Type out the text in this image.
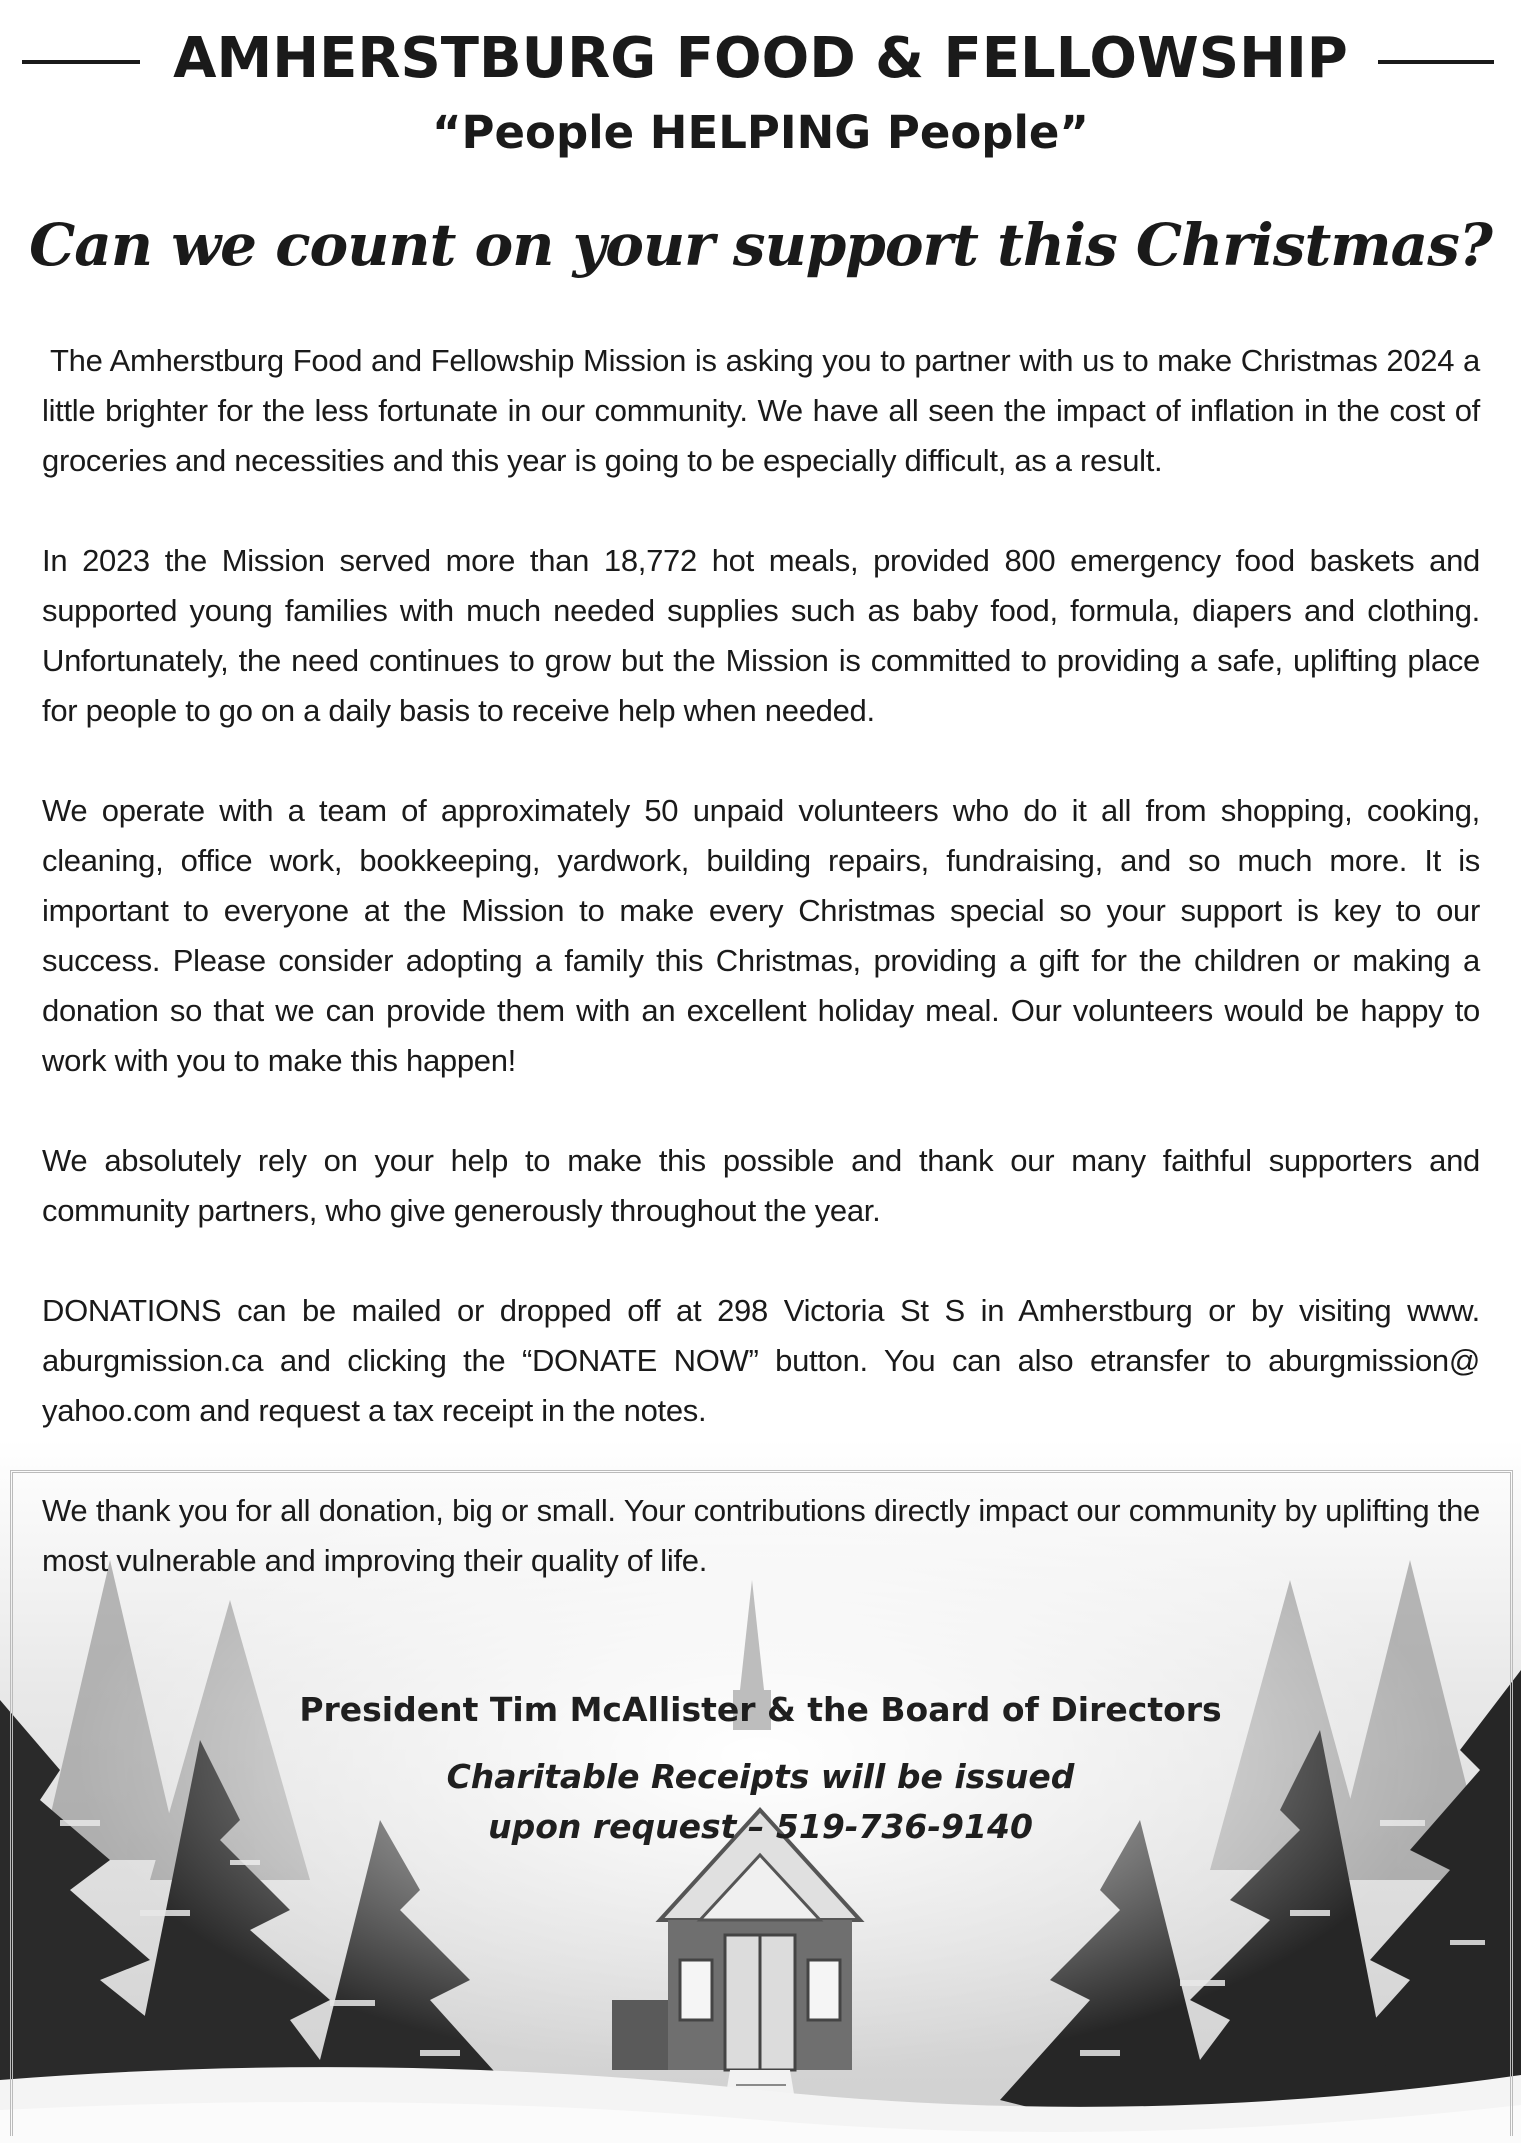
AMHERSTBURG FOOD & FELLOWSHIP
“People HELPING People”
Can we count on your support this Christmas?

The Amherstburg Food and Fellowship Mission is asking you to partner with us to make Christmas 2024 a little brighter for the less fortunate in our community. We have all seen the impact of inflation in the cost of groceries and necessities and this year is going to be especially difficult, as a result.

In 2023 the Mission served more than 18,772 hot meals, provided 800 emergency food baskets and supported young families with much needed supplies such as baby food, formula, diapers and clothing. Unfortunately, the need continues to grow but the Mission is committed to providing a safe, uplifting place for people to go on a daily basis to receive help when needed.

We operate with a team of approximately 50 unpaid volunteers who do it all from shopping, cooking, cleaning, office work, bookkeeping, yardwork, building repairs, fundraising, and so much more. It is important to everyone at the Mission to make every Christmas special so your support is key to our success. Please consider adopting a family this Christmas, providing a gift for the children or making a donation so that we can provide them with an excellent holiday meal. Our volunteers would be happy to work with you to make this happen!

We absolutely rely on your help to make this possible and thank our many faithful supporters and community partners, who give generously throughout the year.

DONATIONS can be mailed or dropped off at 298 Victoria St S in Amherstburg or by visiting www. aburgmission.ca and clicking the “DONATE NOW” button. You can also etransfer to aburgmission@ yahoo.com and request a tax receipt in the notes.

We thank you for all donation, big or small. Your contributions directly impact our community by uplifting the most vulnerable and improving their quality of life.

President Tim McAllister & the Board of Directors
Charitable Receipts will be issued
upon request – 519-736-9140
